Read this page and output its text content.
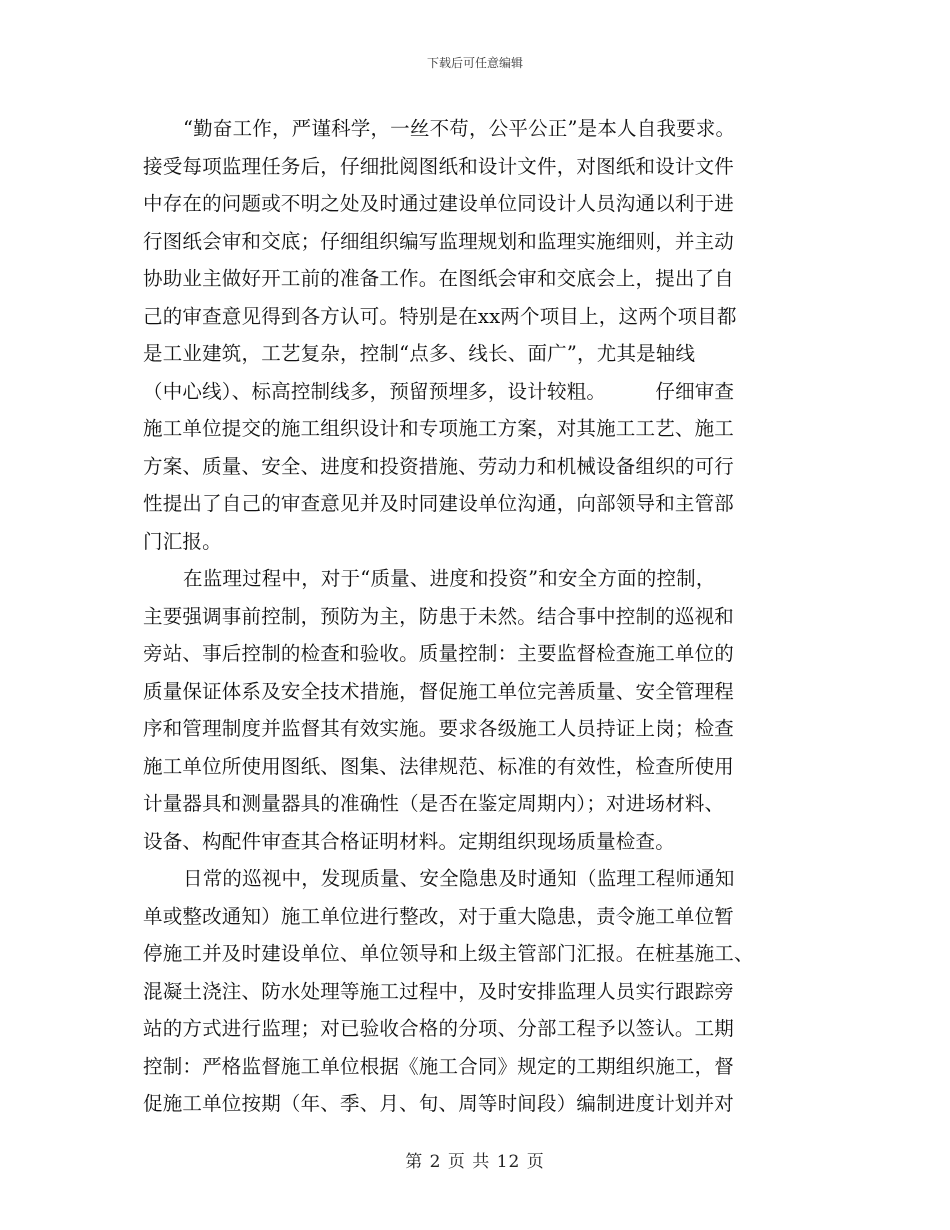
下载后可任意编辑
“勤奋工作，严谨科学，一丝不苟，公平公正”是本人自我要求。
接受每项监理任务后，仔细批阅图纸和设计文件，对图纸和设计文件
中存在的问题或不明之处及时通过建设单位同设计人员沟通以利于进
行图纸会审和交底；仔细组织编写监理规划和监理实施细则，并主动
协助业主做好开工前的准备工作。在图纸会审和交底会上，提出了自
己的审查意见得到各方认可。特别是在xx两个项目上，这两个项目都
是工业建筑，工艺复杂，控制“点多、线长、面广”，尤其是轴线
（中心线）、标高控制线多，预留预埋多，设计较粗。　　　仔细审查
施工单位提交的施工组织设计和专项施工方案，对其施工工艺、施工
方案、质量、安全、进度和投资措施、劳动力和机械设备组织的可行
性提出了自己的审查意见并及时同建设单位沟通，向部领导和主管部
门汇报。
在监理过程中，对于“质量、进度和投资”和安全方面的控制，
主要强调事前控制，预防为主，防患于未然。结合事中控制的巡视和
旁站、事后控制的检查和验收。质量控制：主要监督检查施工单位的
质量保证体系及安全技术措施，督促施工单位完善质量、安全管理程
序和管理制度并监督其有效实施。要求各级施工人员持证上岗；检查
施工单位所使用图纸、图集、法律规范、标准的有效性，检查所使用
计量器具和测量器具的准确性（是否在鉴定周期内）；对进场材料、
设备、构配件审查其合格证明材料。定期组织现场质量检查。
日常的巡视中，发现质量、安全隐患及时通知（监理工程师通知
单或整改通知）施工单位进行整改，对于重大隐患，责令施工单位暂
停施工并及时建设单位、单位领导和上级主管部门汇报。在桩基施工、
混凝土浇注、防水处理等施工过程中，及时安排监理人员实行跟踪旁
站的方式进行监理；对已验收合格的分项、分部工程予以签认。工期
控制：严格监督施工单位根据《施工合同》规定的工期组织施工，督
促施工单位按期（年、季、月、旬、周等时间段）编制进度计划并对
第 2 页 共 12 页
